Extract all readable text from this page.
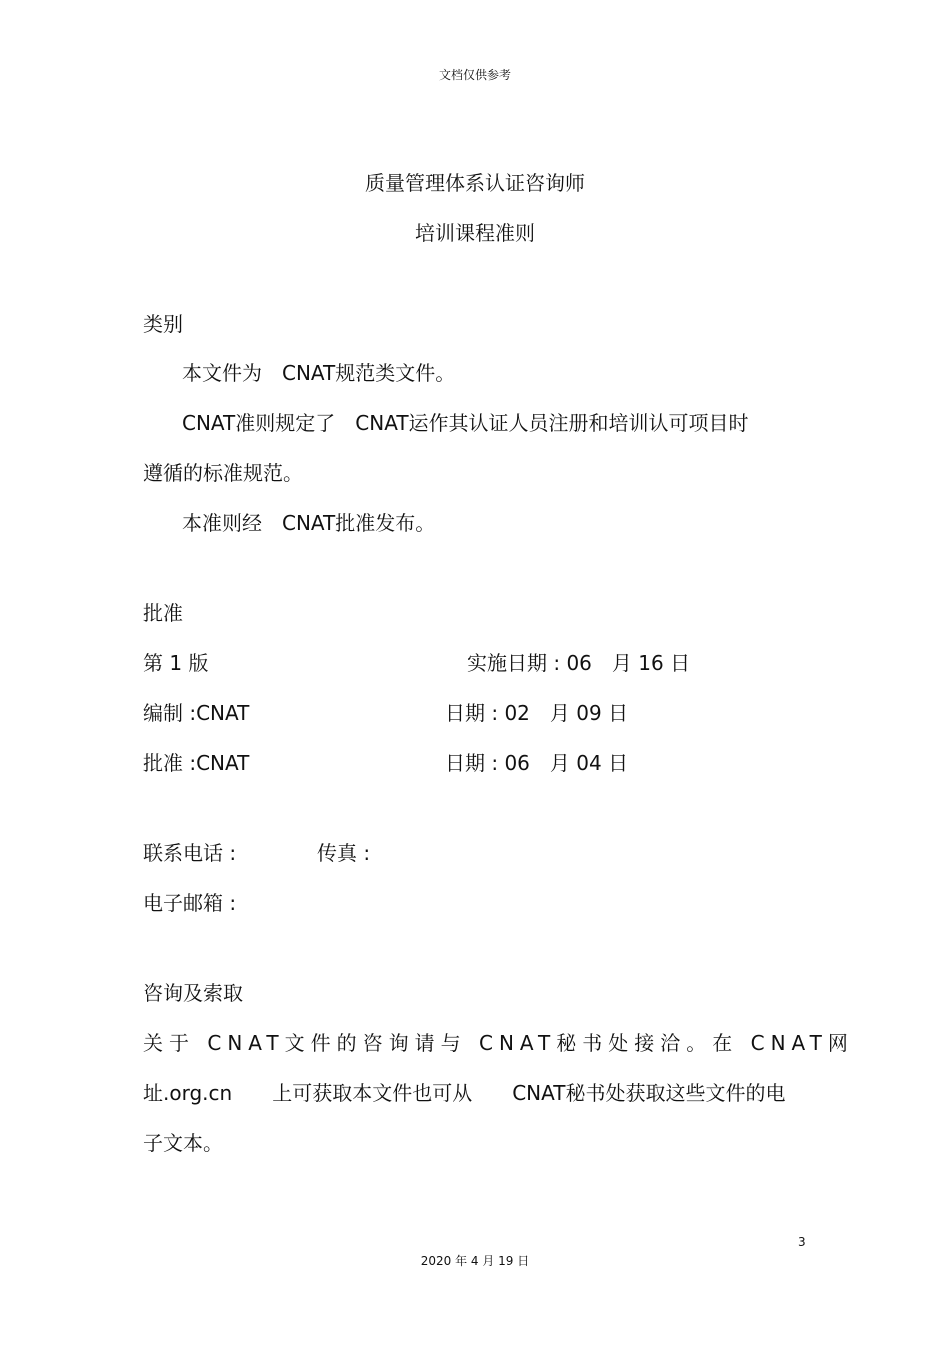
文档仅供参考
质量管理体系认证咨询师
培训课程准则
类别
本文件为　CNAT规范类文件。
CNAT准则规定了　CNAT运作其认证人员注册和培训认可项目时
遵循的标准规范。
本准则经　CNAT批准发布。
批准
第 1 版	实施日期 : 06　月 16 日
编制 :CNAT	日期 : 02　月 09 日
批准 :CNAT	日期 : 06　月 04 日
联系电话 :	传真 :
电子邮箱 :
咨询及索取
关于 CNAT文件的咨询请与 CNAT秘书处接洽。在 CNAT网
址.org.cn　　上可获取本文件也可从　　CNAT秘书处获取这些文件的电
子文本。
3
2020 年 4 月 19 日
